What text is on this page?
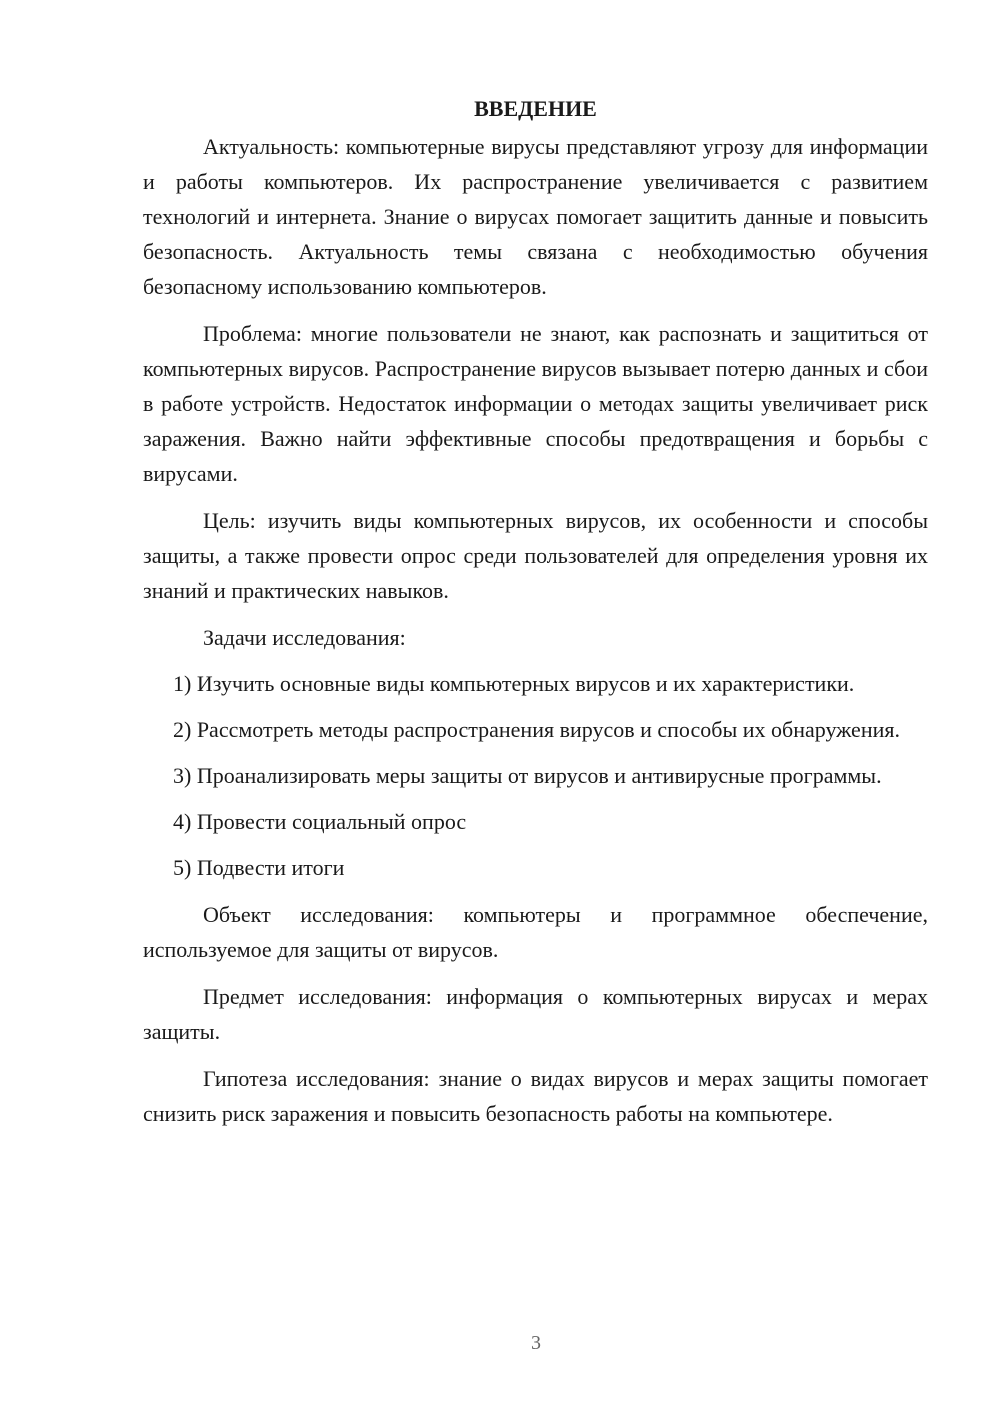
ВВЕДЕНИЕ

Актуальность: компьютерные вирусы представляют угрозу для информации и работы компьютеров. Их распространение увеличивается с развитием технологий и интернета. Знание о вирусах помогает защитить данные и повысить безопасность. Актуальность темы связана с необходимостью обучения безопасному использованию компьютеров.

Проблема: многие пользователи не знают, как распознать и защититься от компьютерных вирусов. Распространение вирусов вызывает потерю данных и сбои в работе устройств. Недостаток информации о методах защиты увеличивает риск заражения. Важно найти эффективные способы предотвращения и борьбы с вирусами.

Цель: изучить виды компьютерных вирусов, их особенности и способы защиты, а также провести опрос среди пользователей для определения уровня их знаний и практических навыков.

Задачи исследования:

1) Изучить основные виды компьютерных вирусов и их характеристики.

2) Рассмотреть методы распространения вирусов и способы их обнаружения.

3) Проанализировать меры защиты от вирусов и антивирусные программы.

4) Провести социальный опрос

5) Подвести итоги

Объект исследования: компьютеры и программное обеспечение, используемое для защиты от вирусов.

Предмет исследования: информация о компьютерных вирусах и мерах защиты.

Гипотеза исследования: знание о видах вирусов и мерах защиты помогает снизить риск заражения и повысить безопасность работы на компьютере.

3
